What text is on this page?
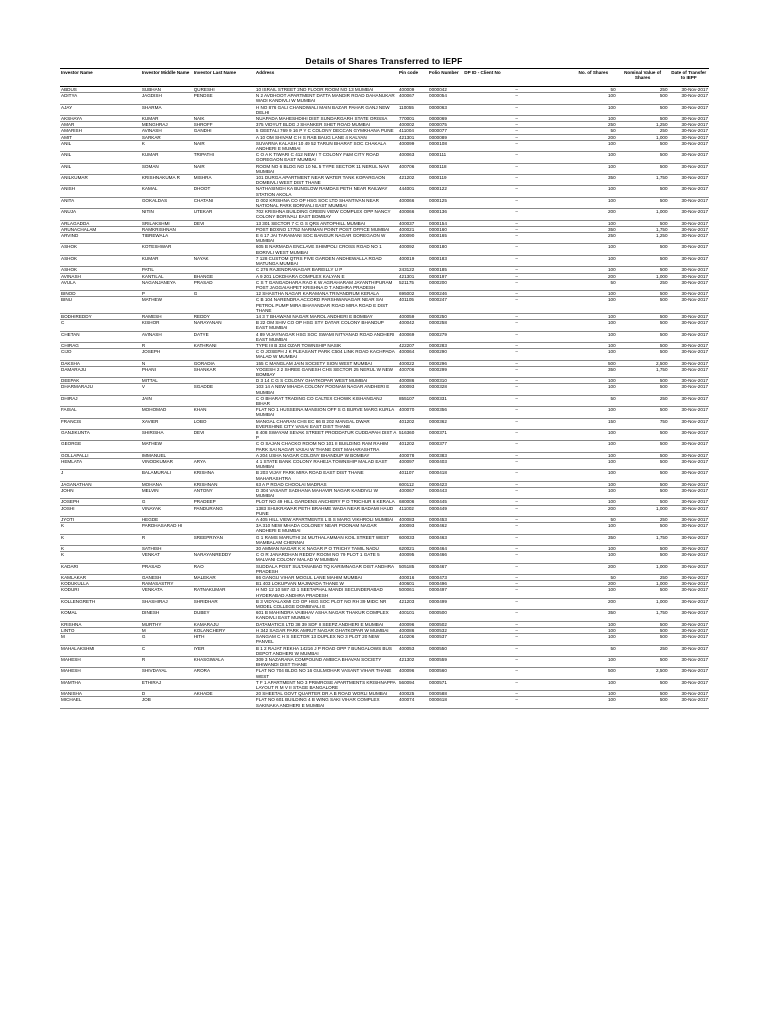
Details of Shares Transferred to IEPF
Investor Name	Investor Middle Name	Investor Last Name	Address	Pin code	Folio Number	DP ID - Client No	No. of Shares	Nominal Value of Shares	Date of Transfer to IEPF
ABDUS	SUBHAN	QURESHI	10 ISRAIL STREET 2ND FLOOR ROOM NO 13 MUMBAI	400009	0000042	–	50	250	30-Nov-2017
ADITYA	JAGDISH	PENDSE	N 2 AVDHOOT APARTMENT DATTA MANDIR ROAD DAHANUKAR WADI KANDIVLI W MUMBAI	400067	0000054	–	100	500	30-Nov-2017
AJAY	SHARMA		H NO 876 GALI CHANDIWALI MAIN BAZAR PAHAR GANJ NEW DELHI	110055	0000063	–	100	500	30-Nov-2017
AKSHAYA	KUMAR	NAIK	NUAPADA MAHESHDIHI DIST SUNDARGARH STATE ORISSA	770001	0000069	–	100	500	30-Nov-2017
AMAR	MENGHRAJ	SHROFF	375 VIDYUT BLDG J SHANKER SHET ROAD MUMBAI	400002	0000075	–	250	1,250	30-Nov-2017
AMARISH	AVINASH	GANDHI	5 GEETALI 769 9 16 P Y C COLONY DECCAN GYMKHANA PUNE	411004	0000077	–	50	250	30-Nov-2017
AMIT	SARKAR		A 10 OM SHIVAM C H S RAB BAUG LANE 4 KALYAN	421301	0000089	–	200	1,000	30-Nov-2017
ANIL	K	NAIR	SUVARNA KALASH 10 49 52 TARUN BHARAT SOC CHAKALA ANDHERI E MUMBAI	400099	0000108	–	100	500	30-Nov-2017
ANIL	KUMAR	TRIPATHI	C O A K TIWARI C 412 NEW I T COLONY F&M CITY ROAD GOREGAON EAST MUMBAI	400063	0000111	–	100	500	30-Nov-2017
ANIL	SOMAN	NAIR	ROOM NO 6 BLDG NO 10 NL 5 TYPE SECTOR 11 NERUL NAVI MUMBAI	400706	0000118	–	100	500	30-Nov-2017
ANILKUMAR	KRISHNAKUMA R	MISHRA	101 DURGA APARTMENT NEAR WATER TANK KOPARGAON DOMBIVLI WEST DIST THANE	421202	0000119	–	350	1,750	30-Nov-2017
ANISH	KAMAL	DHOOT	NATHASINGH KA BUNGLOW RAMDAS PETH NEAR RAILWAY STATION AKOLA	444001	0000122	–	100	500	30-Nov-2017
ANITA	GOKALDAS	CHATANI	D 002 KRISHNA CO OP HSG SOC LTD SHANTIVAN NEAR NATIONAL PARK BORIVALI EAST MUMBAI	400066	0000125	–	100	500	30-Nov-2017
ANUJA	NITIN	UTEKAR	702 KRISHNA BUILDING GREEN VIEW COMPLEX OPP NANCY COLONY BORIVALI EAST BOMBAY	400066	0000136	–	200	1,000	30-Nov-2017
ARLAGADDA	SRILAKSHMI	DEVI	13 301 SECTOR 7 C G S QRS ANTOPHILL MUMBAI	400037	0000154	–	100	500	30-Nov-2017
ARUNACHALAM	RAMKRISHNAN		POST BOXNO 17752 NARIMAN POINT POST OFFICE MUMBAI	400021	0000160	–	350	1,750	30-Nov-2017
ARVIND	TIBREWALA		E 6 17 JAI TARAMANI SOC BANGUR NAGAR GOREGAON W MUMBAI	400090	0000165	–	250	1,250	30-Nov-2017
ASHOK	KOTESHWAR		605 B NARMADA ENCLAVE SHIMPOLI CROSS ROAD NO 1 BORIVLI WEST MUMBAI	400092	0000180	–	100	500	30-Nov-2017
ASHOK	KUMAR	NAYAK	7 128 CUSTOM QTRS FIVE GARDEN ANDHEWALLA ROAD MATUNGA MUMBAI	400019	0000183	–	100	500	30-Nov-2017
ASHOK	PATIL		C 276 RAJENDRANAGAR BAREILLY U P	243122	0000185	–	100	500	30-Nov-2017
AVINASH	KANTILAL	BHANGE	A 9 201 LOKDHARA COMPLEX KALYAN E	421301	0000197	–	200	1,000	30-Nov-2017
AVULA	NAGANJANEYA	PRASAD	C S T GANGADHARA RAO K W AGRAHARAM JAYANTHIPURAM POST JAGGAIAHPET KRISHNA D T ANDHRA PRADESH	521175	0000200	–	50	250	30-Nov-2017
BINOD	P	G	12 SHASTHA NAGAR KARAMANA TRIVANDRUM KERALA	695002	0000246	–	100	500	30-Nov-2017
BINU	MATHEW		C B 104 NARENDRA ACCORD PARSHWANAGAR NEAR SAI PETROL PUMP MIRA BHAYANDAR ROAD MIRA ROAD E DIST THANE	401105	0000247	–	100	500	30-Nov-2017
BODHIREDDY	RAMESH	REDDY	14 3 7 BHAWANI NAGAR MAROL ANDHERI E BOMBAY	400059	0000250	–	100	500	30-Nov-2017
C	KISHOR	NARAYANAN	B 22 OM SHIV CO OP HSG STY DATAR COLONY BHANDUP EAST MUMBAI	400042	0000258	–	100	500	30-Nov-2017
CHETAN	AVINASH	DATYE	4 89 VIJAYNAGAR HSG SOC SWAMI NITYANAD ROAD ANDHERI EAST MUMBAI	400069	0000279	–	100	500	30-Nov-2017
CHIRAG	R	KATHRANI	TYPE III B 334 OZAR TOWNSHIP NASIK	422207	0000283	–	100	500	30-Nov-2017
CIJO	JOSEPH		C O JOSEPH J K PLEASANT PARK C504 LINK ROAD KACHPADA MALAD W MUMBAI	400064	0000290	–	100	500	30-Nov-2017
DAKSHA	N	GORADIA	155 C MANGLAM JAIN SOCIETY SION WEST MUMBAI	400022	0000296	–	500	2,500	30-Nov-2017
DAMARAJU	PHANI	SHANKAR	YOGESH 2 2 SHREE GANESH CHS SECTOR 25 NERUL W NEW BOMBAY	400706	0000299	–	350	1,750	30-Nov-2017
DEEPAK	MITTAL		D 3 14 C G S COLONY GHATKOPAR WEST MUMBAI	400086	0000310	–	100	500	30-Nov-2017
DHARMARAJU	V	SGADDE	103 14 A NEW MHADA COLONY POONAM NAGAR ANDHERI E MUMBAI	400093	0000328	–	100	500	30-Nov-2017
DHIRAJ	JAIN		C O BHARAT TRADING CO CALTEX CHOWK KISHANGANJ BIHAR	855107	0000331	–	50	250	30-Nov-2017
FAISAL	MOHOMAD	KHAN	FLAT NO 1 HUSSEINA MANSION OFF S G BURVE MARG KURLA MUMBAI	400070	0000356	–	100	500	30-Nov-2017
FRANCIS	XAVIER	LOBO	MANGAL CHARAN CHS EC 66 B 202 MANGAL DWAR EVERSHINE CITY VASAI EAST DIST THANE	401202	0000362	–	150	750	30-Nov-2017
GANJIKUNTA	SHIRISHA	DEVI	8 408 SWAYAM SEVAK STREET PRODDATUR CUDDAPAH DIST A P	516360	0000371	–	100	500	30-Nov-2017
GEORGE	MATHEW		C O SAJAN CHACKO ROOM NO 101 II BUILDING RAM RAHIM PARK SAI NAGAR VASAI W THANE DIST MAHARASHTRA	401202	0000377	–	100	500	30-Nov-2017
GOLLAPALLI	IMMANUEL		A 204 USHA NAGAR COLONY BHANDUP W BOMBAY	400078	0000383	–	100	500	30-Nov-2017
HEMLATA	VINODKUMAR	ARYA	4 1 STATE BANK COLONY RAHEJA TOWNSHIP MALAD EAST MUMBAI	400097	0000403	–	100	500	30-Nov-2017
J	BALAMURALI	KRISHNA	B 203 VIJAY PARK MIRA ROAD EAST DIST THANE MAHARASHTRA	401107	0000418	–	100	500	30-Nov-2017
JAGANATHAN	MOHANA	KRISHNAN	63 A P ROAD CHOOLAI MADRAS	600112	0000423	–	100	500	30-Nov-2017
JOHN	MELVIN	ANTONY	D 304 VASANT SADHANA MAHAVIR NAGAR KANDIVLI W MUMBAI	400067	0000443	–	100	500	30-Nov-2017
JOSEPH	G	PRADEEP	PLOT NO 49 HILL GARDENS ANCHERY P O TRICHUR 6 KERALA	680006	0000445	–	100	500	30-Nov-2017
JOSHI	VINAYAK	PANDURANG	1383 SHUKRAWAR PETH BRAHME WADA NEAR BADAMI HAUD PUNE	411002	0000449	–	200	1,000	30-Nov-2017
JYOTI	HEGDE		A 405 HILL VIEW APARTMENTS L B S MARG VIKHROLI MUMBAI	400083	0000453	–	50	250	30-Nov-2017
K	PARDHASARAD HI		3A 310 NEW MHADA COLONEY NEAR POONAM NAGAR ANDHERI E MUMBAI	400093	0000462	–	100	500	30-Nov-2017
K	R	SREEPRIYAN	G 1 RAMS MARUTHI 24 MUTHALAMMAN KOIL STREET WEST MAMBALAM CHENNAI	600033	0000463	–	350	1,750	30-Nov-2017
K	SATHISH		30 AMMAN NAGAR K K NAGAR P O TRICHY TAMIL NADU	620021	0000464	–	100	500	30-Nov-2017
K	VENKAT	NARAYANREDDY	C O R JANARDHAN REDDY ROOM NO 79 PLOT 1 GATE 5 MALVANI COLONY MALAD W MUMBAI	400095	0000466	–	100	500	30-Nov-2017
KADARI	PRASAD	RAO	SUDDALA POST SULTANABAD TQ KARIMNAGAR DIST ANDHRA PRADESH	505185	0000467	–	200	1,000	30-Nov-2017
KAMLAKAR	GANESH	MALEKAR	86 GANGU VIHAR MOGUL LANE MAHIM MUMBAI	400016	0000473	–	50	250	30-Nov-2017
KODUKULLA	RAMASASTRY		B1 403 LOKUPVAN MAJIWADA THANE W	400601	0000496	–	200	1,000	30-Nov-2017
KODURI	VENKATA	RATNAKUMAR	H NO 12 10 587 43 1 SEETAPHAL MANDI SECUNDERABAD HYDERABAD ANDHRA PRADESH	500061	0000497	–	100	500	30-Nov-2017
KOLLENGRETH	SHASHIRAJ	SHRIDHAR	B 3 VIDYALAXMI CO OP HSG SOC PLOT NO RH 39 MIDC NR MODEL COLLEGE DOMBIVALI E	421203	0000499	–	200	1,000	30-Nov-2017
KOMAL	DINESH	DUBEY	601 B MAHINDRA VAIBHAV ASHA NAGAR THAKUR COMPLEX KANDIVLI EAST MUMBAI	400101	0000500	–	350	1,750	30-Nov-2017
KRISHNA	MURTHY	KAMARAJU	DATAMATICS LTD 38 39 SDF II SEEPZ ANDHERI E MUMBAI	400096	0000502	–	100	500	30-Nov-2017
LINTO	M	KOLANCHERY	H 342 SAGAR PARK AMRUT NAGAR GHATKOPAR W MUMBAI	400086	0000532	–	100	500	30-Nov-2017
M	G	HITH	SANGAM C H S SECTOR 13 DUPLEX NO 3 PLOT 20 NEW PANVEL	410206	0000537	–	100	500	30-Nov-2017
MAHALAKSHMI	C	IYER	B 1 2 RAJAT REKHA 14216 J P ROAD OPP 7 BUNGALOWS BUS DEPOT ANDHERI W MUMBAI	400053	0000550	–	50	250	30-Nov-2017
MAHESH	R	KHASGIWALA	309 3 NAZARANA COMPOUND AMBICA BHAVAN SOCIETY BHIWANDI DIST THANE	421302	0000559	–	100	500	30-Nov-2017
MAHESH	SHIVDAYAL	ARORA	FLAT NO 704 BLDG NO 16 GULMOHAR VASANT VIHAR THANE WEST	400096	0000560	–	500	2,500	30-Nov-2017
MAMTHA	ETHIRAJ		T F 1 APARTMENT NO 3 PRIMROSE APARTMENTS KRISHNAPPA LAYOUT R M V II STAGE BANGALORE	560094	0000571	–	100	500	30-Nov-2017
MANISHA	D	AKHADE	20 SHEETAL GOVT QUARTER DR A B ROAD WORLI MUMBAI	400025	0000588	–	100	500	30-Nov-2017
MICHAEL	JOB		FLAT NO 601 BUILDING 4 B WING SAKI VIHAR COMPLEX SAKINAKA ANDHERI E MUMBAI	400074	0000618	–	100	500	30-Nov-2017
